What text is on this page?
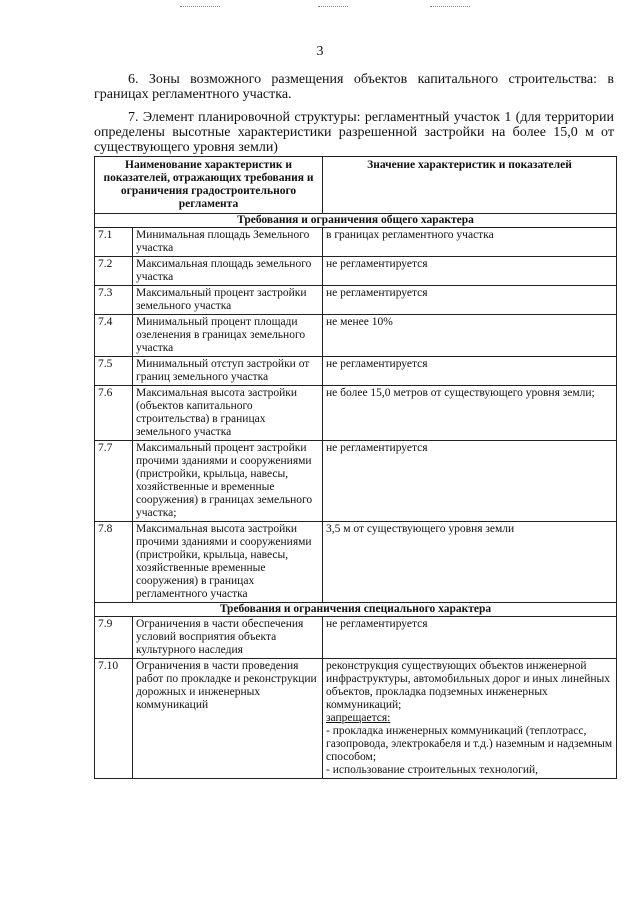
3

6. Зоны возможного размещения объектов капитального строительства: в границах регламентного участка.

7. Элемент планировочной структуры: регламентный участок 1 (для территории определены высотные характеристики разрешенной застройки на более 15,0 м от существующего уровня земли)

Наименование характеристик и показателей, отражающих требования и ограничения градостроительного регламента		Значение характеристик и показателей
Требования и ограничения общего характера		
7.1	Минимальная площадь Земельного участка	в границах регламентного участка
7.2	Максимальная площадь земельного участка	не регламентируется
7.3	Максимальный процент застройки земельного участка	не регламентируется
7.4	Минимальный процент площади озеленения в границах земельного участка	не менее 10%
7.5	Минимальный отступ застройки от границ земельного участка	не регламентируется
7.6	Максимальная высота застройки (объектов капитального строительства) в границах земельного участка	не более 15,0 метров от существующего уровня земли;
7.7	Максимальный процент застройки прочими зданиями и сооружениями (пристройки, крыльца, навесы, хозяйственные и временные сооружения) в границах земельного участка;	не регламентируется
7.8	Максимальная высота застройки прочими зданиями и сооружениями (пристройки, крыльца, навесы, хозяйственные временные сооружения) в границах регламентного участка	3,5 м от существующего уровня земли
Требования и ограничения специального характера		
7.9	Ограничения в части обеспечения условий восприятия объекта культурного наследия	не регламентируется
7.10	Ограничения в части проведения работ по прокладке и реконструкции дорожных и инженерных коммуникаций	реконструкция существующих объектов инженерной инфраструктуры, автомобильных дорог и иных линейных объектов, прокладка подземных инженерных коммуникаций;
запрещается:
- прокладка инженерных коммуникаций (теплотрасс, газопровода, электрокабеля и т.д.) наземным и надземным способом;
- использование строительных технологий,
